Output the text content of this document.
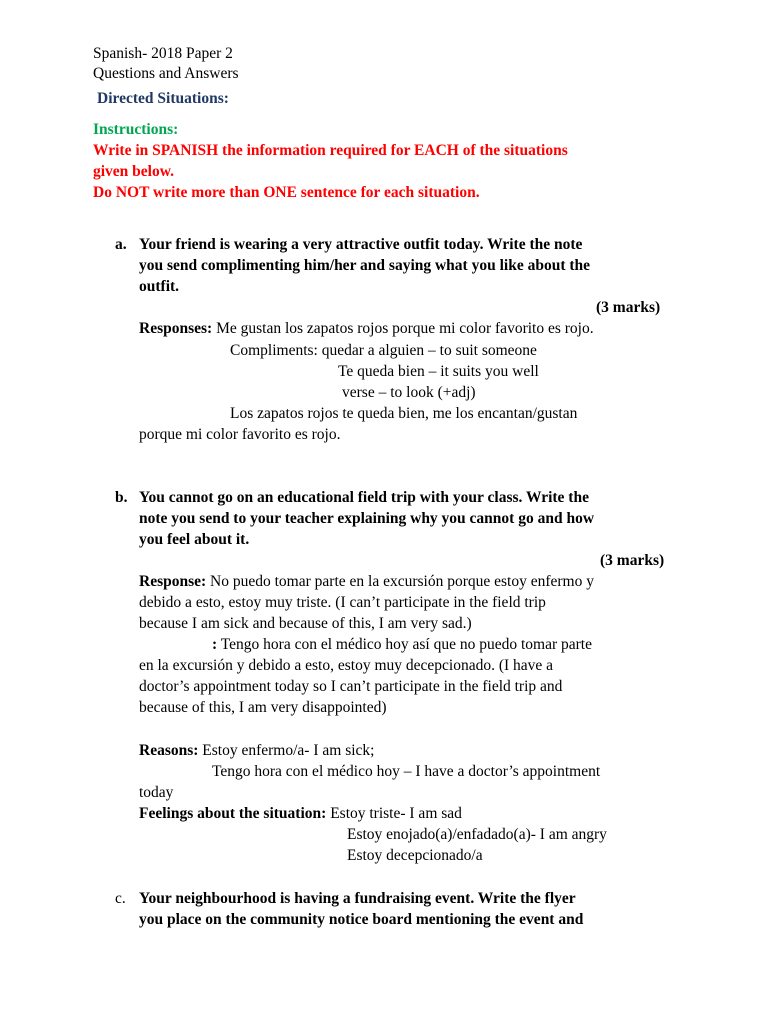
Spanish- 2018 Paper 2
Questions and Answers
Directed Situations:
Instructions:
Write in SPANISH the information required for EACH of the situations
given below.
Do NOT write more than ONE sentence for each situation.
a. Your friend is wearing a very attractive outfit today. Write the note
you send complimenting him/her and saying what you like about the
outfit.
(3 marks)
Responses: Me gustan los zapatos rojos porque mi color favorito es rojo.
Compliments: quedar a alguien – to suit someone
Te queda bien – it suits you well
verse – to look (+adj)
Los zapatos rojos te queda bien, me los encantan/gustan
porque mi color favorito es rojo.
b. You cannot go on an educational field trip with your class. Write the
note you send to your teacher explaining why you cannot go and how
you feel about it.
(3 marks)
Response: No puedo tomar parte en la excursión porque estoy enfermo y
debido a esto, estoy muy triste. (I can’t participate in the field trip
because I am sick and because of this, I am very sad.)
: Tengo hora con el médico hoy así que no puedo tomar parte
en la excursión y debido a esto, estoy muy decepcionado. (I have a
doctor’s appointment today so I can’t participate in the field trip and
because of this, I am very disappointed)
Reasons: Estoy enfermo/a- I am sick;
Tengo hora con el médico hoy – I have a doctor’s appointment
today
Feelings about the situation: Estoy triste- I am sad
Estoy enojado(a)/enfadado(a)- I am angry
Estoy decepcionado/a
c. Your neighbourhood is having a fundraising event. Write the flyer
you place on the community notice board mentioning the event and
